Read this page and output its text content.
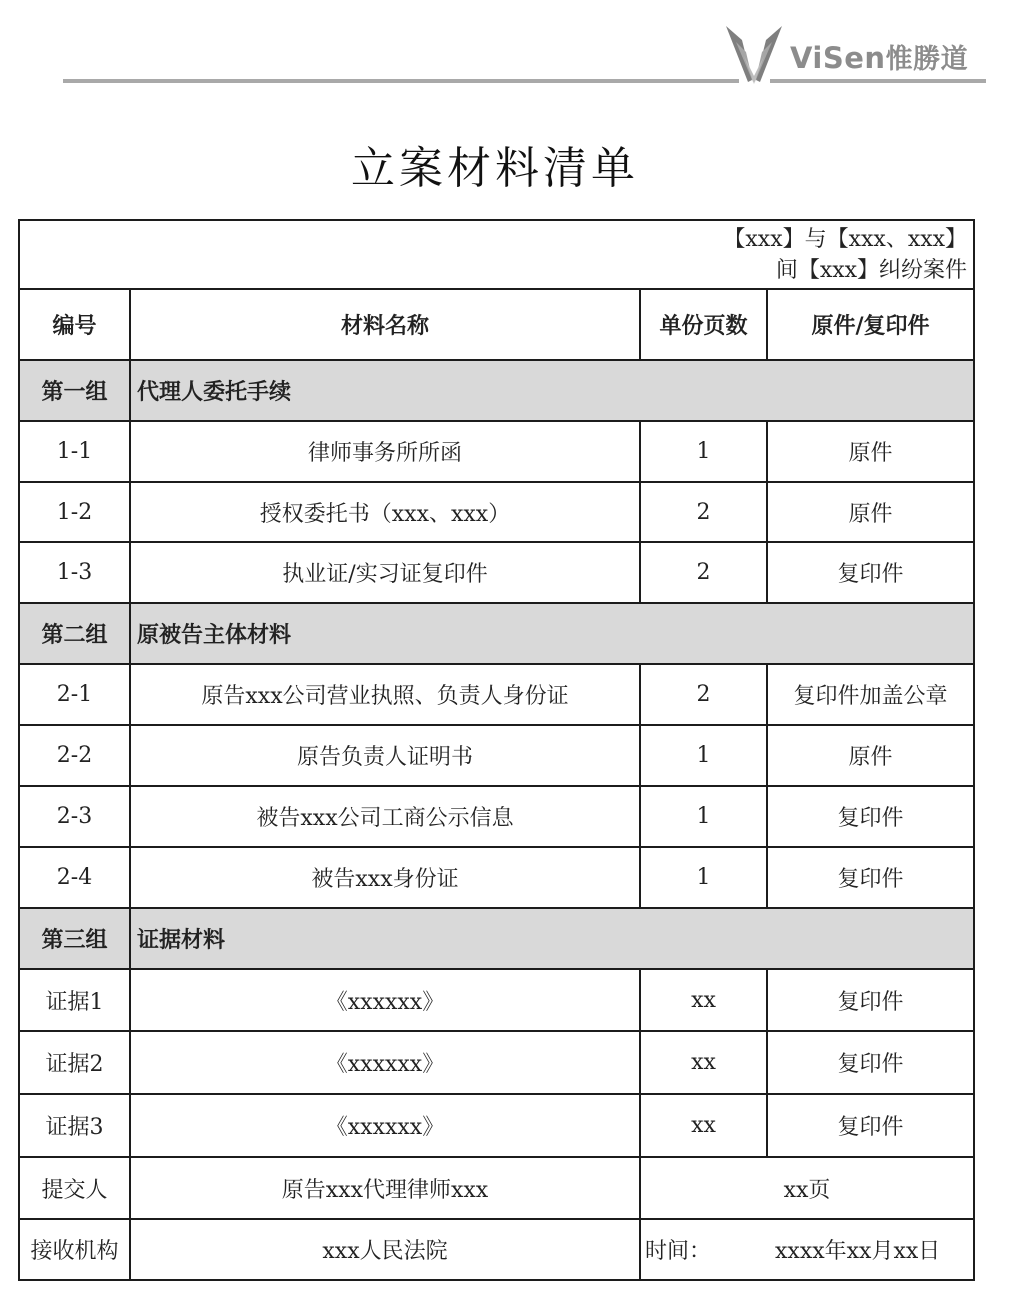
ViSen惟勝道
立案材料清单
【xxx】与【xxx、xxx】
间【xxx】纠纷案件			

编号	材料名称	单份页数	原件/复印件
第一组	代理人委托手续		
1-1	律师事务所所函	1	原件
1-2	授权委托书（xxx、xxx）	2	原件
1-3	执业证/实习证复印件	2	复印件
第二组	原被告主体材料		
2-1	原告xxx公司营业执照、负责人身份证	2	复印件加盖公章
2-2	原告负责人证明书	1	原件
2-3	被告xxx公司工商公示信息	1	复印件
2-4	被告xxx身份证	1	复印件
第三组	证据材料		
证据1	《xxxxxx》	xx	复印件
证据2	《xxxxxx》	xx	复印件
证据3	《xxxxxx》	xx	复印件
提交人	原告xxx代理律师xxx	xx页	
接收机构	xxx人民法院	时间： xxxx年xx月xx日	
